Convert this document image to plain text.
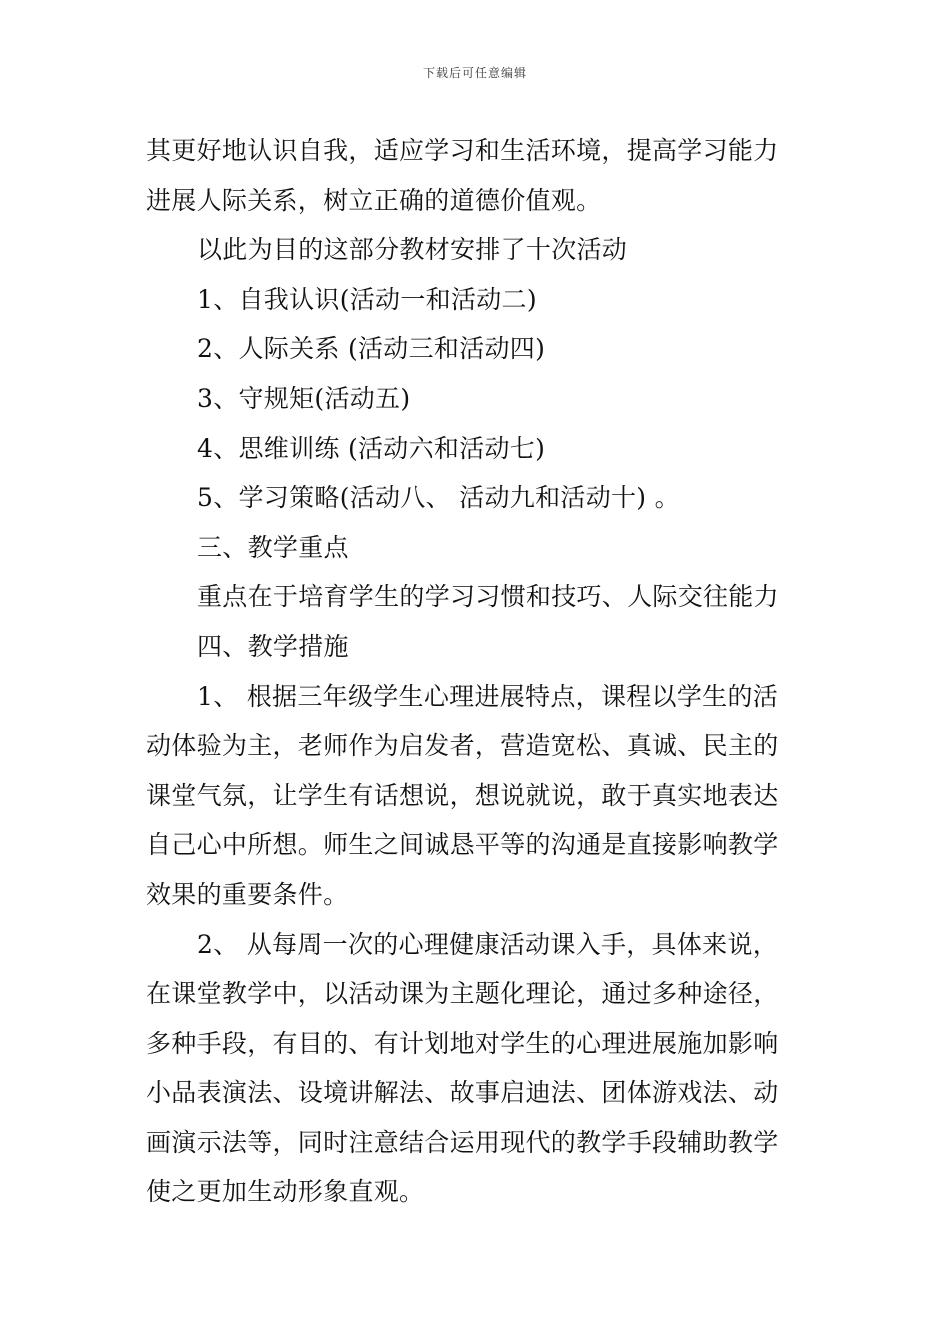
下载后可任意编辑
其更好地认识自我，适应学习和生活环境，提高学习能力
进展人际关系，树立正确的道德价值观。
以此为目的这部分教材安排了十次活动
1、自我认识(活动一和活动二)
2、人际关系 (活动三和活动四)
3、守规矩(活动五)
4、思维训练 (活动六和活动七)
5、学习策略(活动八、 活动九和活动十) 。
三、教学重点
重点在于培育学生的学习习惯和技巧、人际交往能力
四、教学措施
1、 根据三年级学生心理进展特点，课程以学生的活
动体验为主，老师作为启发者，营造宽松、真诚、民主的
课堂气氛，让学生有话想说，想说就说，敢于真实地表达
自己心中所想。师生之间诚恳平等的沟通是直接影响教学
效果的重要条件。
2、 从每周一次的心理健康活动课入手，具体来说，
在课堂教学中，以活动课为主题化理论，通过多种途径，
多种手段，有目的、有计划地对学生的心理进展施加影响
小品表演法、设境讲解法、故事启迪法、团体游戏法、动
画演示法等，同时注意结合运用现代的教学手段辅助教学
使之更加生动形象直观。
